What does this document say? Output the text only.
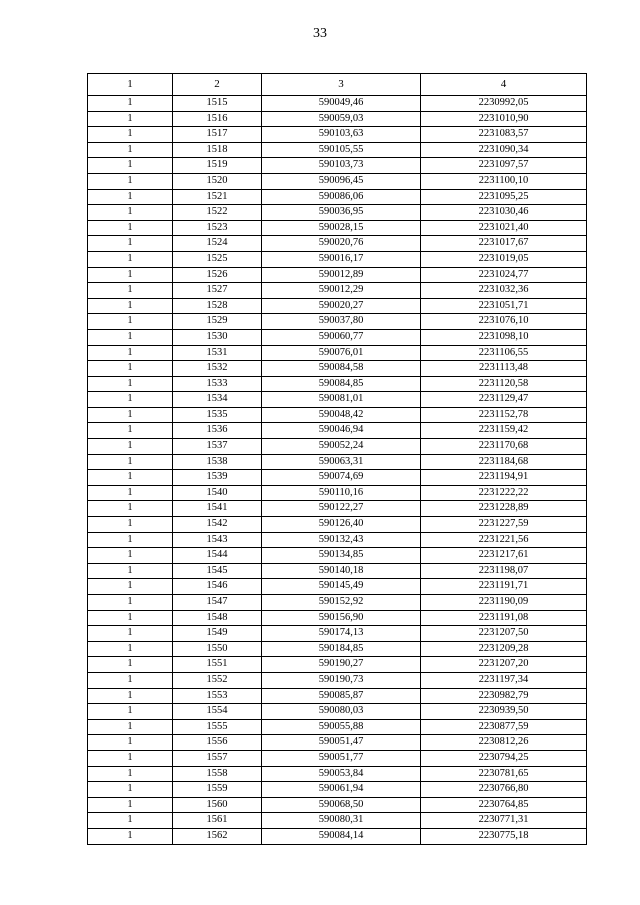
33
1	2	3	4
1	1515	590049,46	2230992,05
1	1516	590059,03	2231010,90
1	1517	590103,63	2231083,57
1	1518	590105,55	2231090,34
1	1519	590103,73	2231097,57
1	1520	590096,45	2231100,10
1	1521	590086,06	2231095,25
1	1522	590036,95	2231030,46
1	1523	590028,15	2231021,40
1	1524	590020,76	2231017,67
1	1525	590016,17	2231019,05
1	1526	590012,89	2231024,77
1	1527	590012,29	2231032,36
1	1528	590020,27	2231051,71
1	1529	590037,80	2231076,10
1	1530	590060,77	2231098,10
1	1531	590076,01	2231106,55
1	1532	590084,58	2231113,48
1	1533	590084,85	2231120,58
1	1534	590081,01	2231129,47
1	1535	590048,42	2231152,78
1	1536	590046,94	2231159,42
1	1537	590052,24	2231170,68
1	1538	590063,31	2231184,68
1	1539	590074,69	2231194,91
1	1540	590110,16	2231222,22
1	1541	590122,27	2231228,89
1	1542	590126,40	2231227,59
1	1543	590132,43	2231221,56
1	1544	590134,85	2231217,61
1	1545	590140,18	2231198,07
1	1546	590145,49	2231191,71
1	1547	590152,92	2231190,09
1	1548	590156,90	2231191,08
1	1549	590174,13	2231207,50
1	1550	590184,85	2231209,28
1	1551	590190,27	2231207,20
1	1552	590190,73	2231197,34
1	1553	590085,87	2230982,79
1	1554	590080,03	2230939,50
1	1555	590055,88	2230877,59
1	1556	590051,47	2230812,26
1	1557	590051,77	2230794,25
1	1558	590053,84	2230781,65
1	1559	590061,94	2230766,80
1	1560	590068,50	2230764,85
1	1561	590080,31	2230771,31
1	1562	590084,14	2230775,18
